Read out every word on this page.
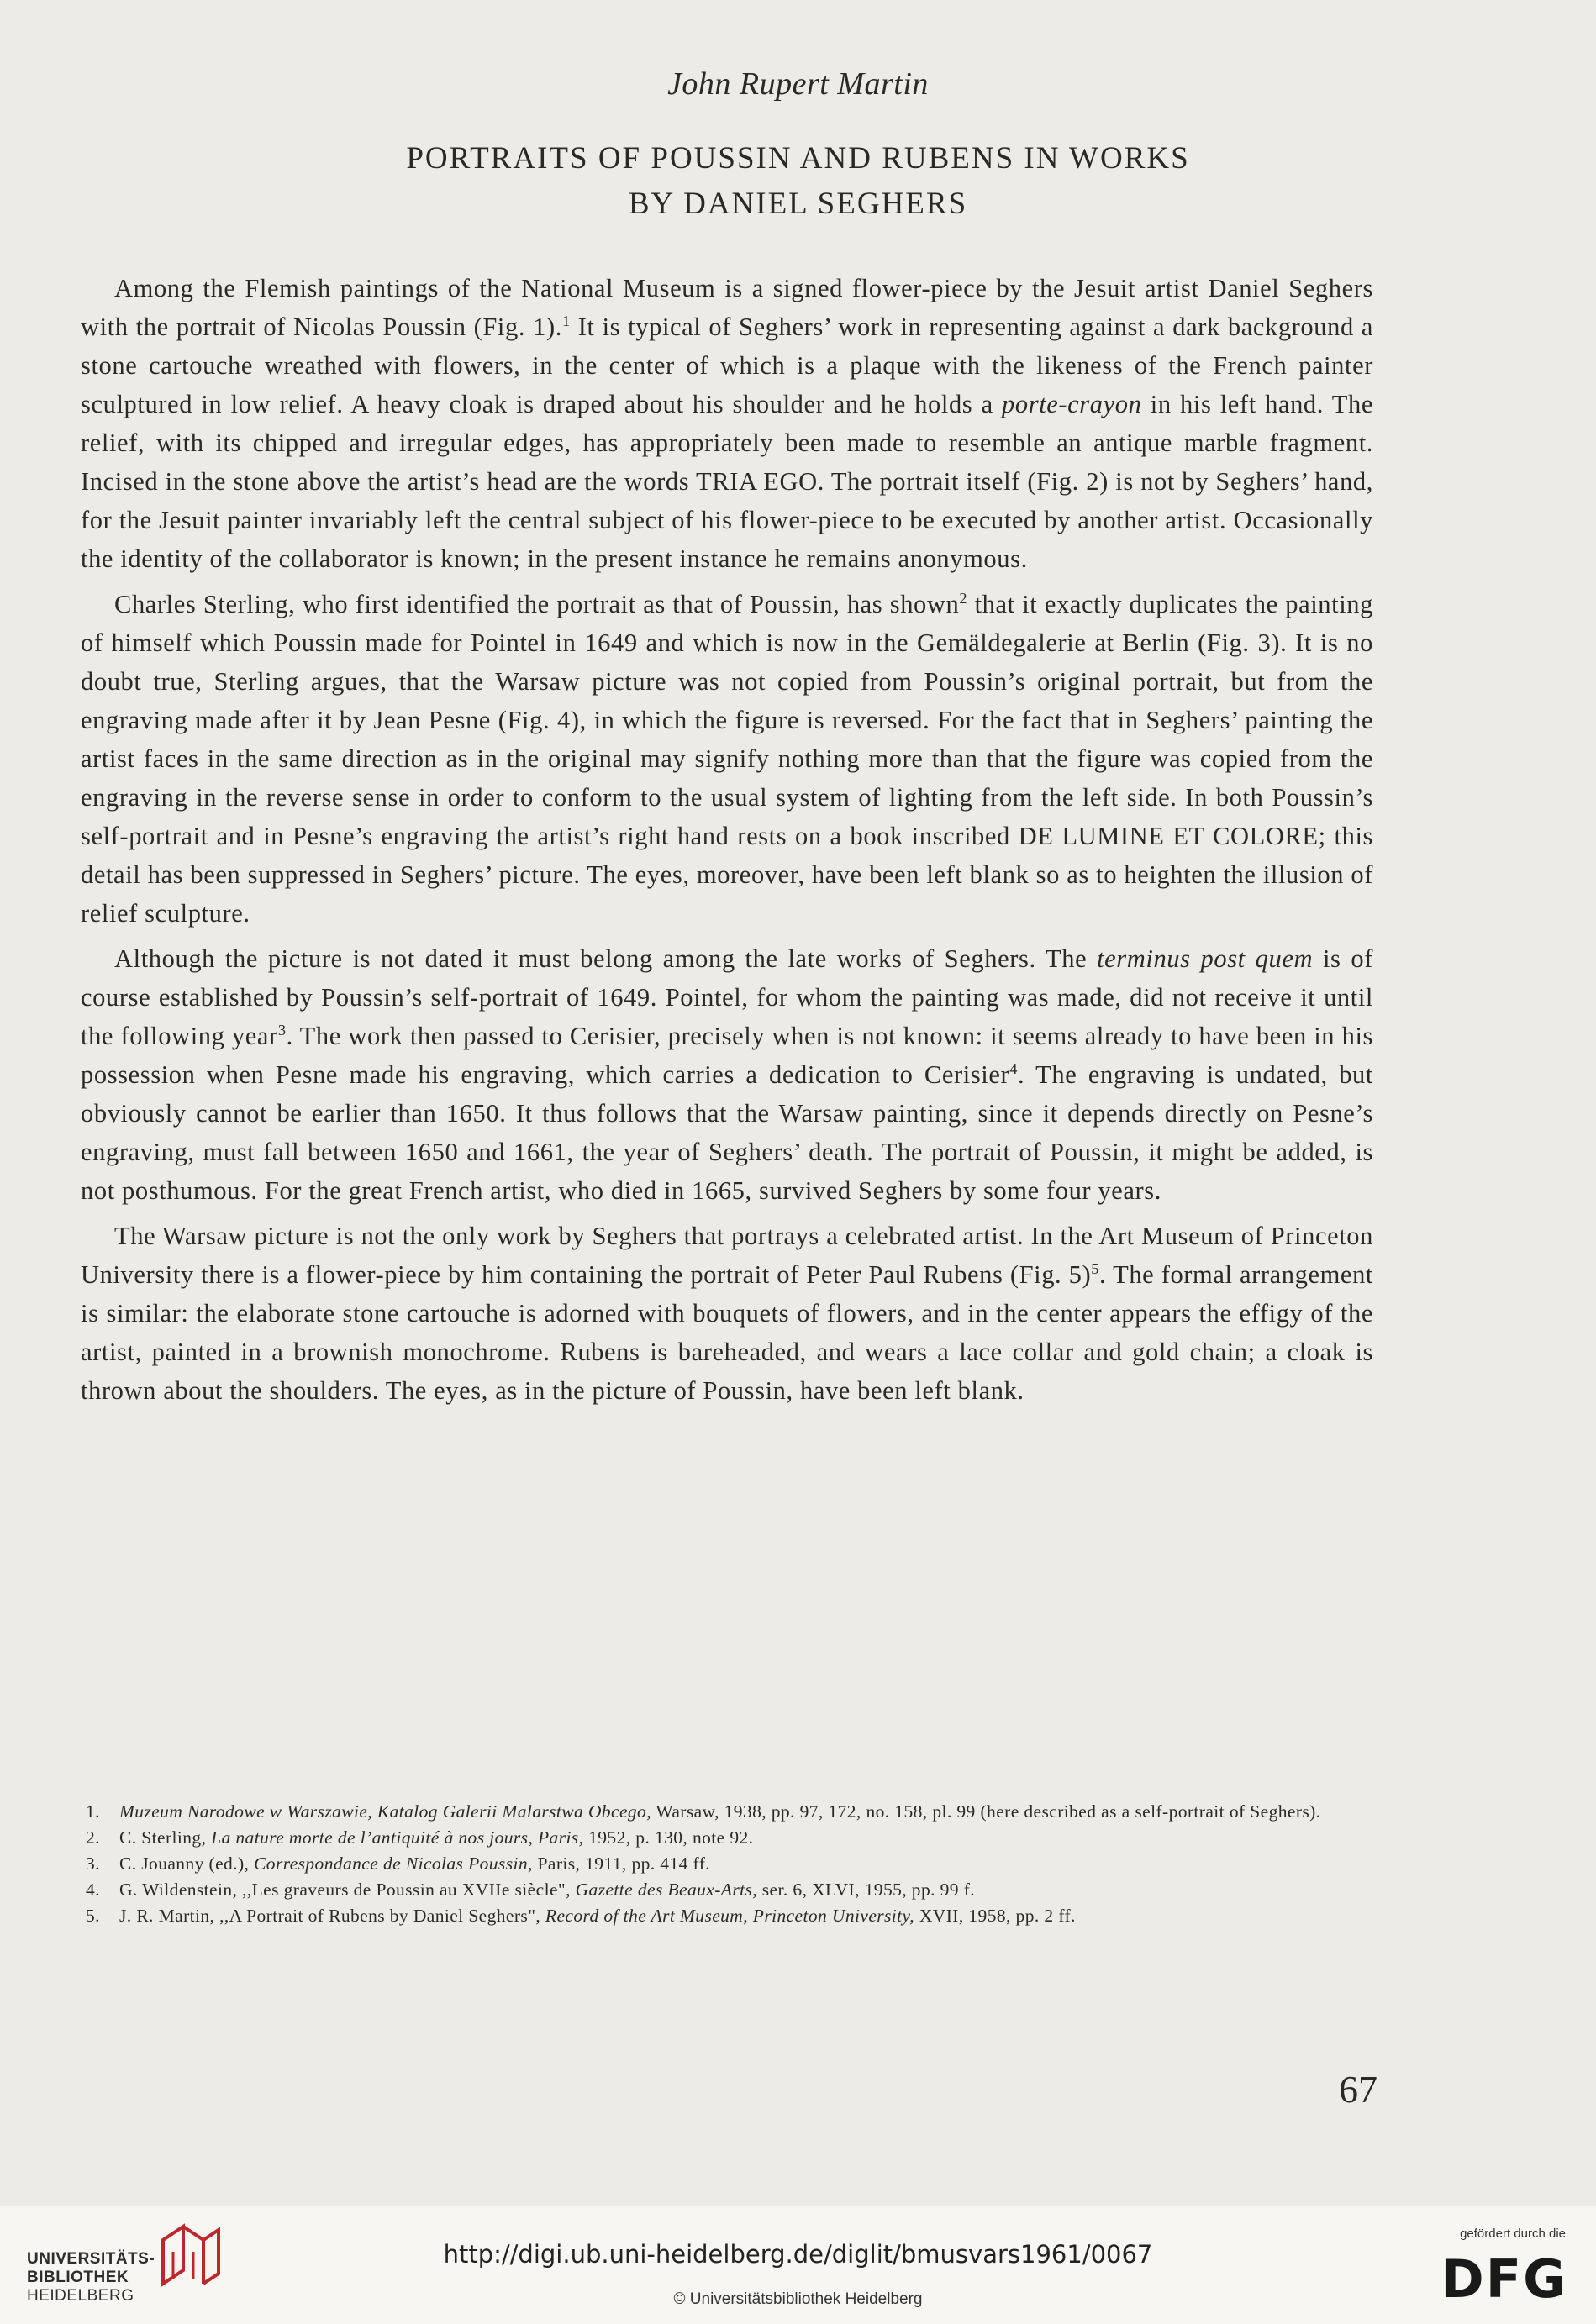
John Rupert Martin
PORTRAITS OF POUSSIN AND RUBENS IN WORKS
BY DANIEL SEGHERS

Among the Flemish paintings of the National Museum is a signed flower-piece by the Jesuit artist Daniel Seghers with the portrait of Nicolas Poussin (Fig. 1).$^1$ It is typical of Seghers’ work in representing against a dark background a stone cartouche wreathed with flowers, in the center of which is a plaque with the likeness of the French painter sculptured in low relief. A heavy cloak is draped about his shoulder and he holds a porte-crayon in his left hand. The relief, with its chipped and irregular edges, has appropriately been made to resemble an antique marble fragment. Incised in the stone above the artist’s head are the words TRIA EGO. The portrait itself (Fig. 2) is not by Seghers’ hand, for the Jesuit painter invariably left the central subject of his flower-piece to be executed by another artist. Occasionally the identity of the collaborator is known; in the present instance he remains anonymous.

Charles Sterling, who first identified the portrait as that of Poussin, has shown$^2$ that it exactly duplicates the painting of himself which Poussin made for Pointel in 1649 and which is now in the Gemäldegalerie at Berlin (Fig. 3). It is no doubt true, Sterling argues, that the Warsaw picture was not copied from Poussin’s original portrait, but from the engraving made after it by Jean Pesne (Fig. 4), in which the figure is reversed. For the fact that in Seghers’ painting the artist faces in the same direction as in the original may signify nothing more than that the figure was copied from the engraving in the reverse sense in order to conform to the usual system of lighting from the left side. In both Poussin’s self-portrait and in Pesne’s engraving the artist’s right hand rests on a book inscribed DE LUMINE ET COLORE; this detail has been suppressed in Seghers’ picture. The eyes, moreover, have been left blank so as to heighten the illusion of relief sculpture.

Although the picture is not dated it must belong among the late works of Seghers. The terminus post quem is of course established by Poussin’s self-portrait of 1649. Pointel, for whom the painting was made, did not receive it until the following year$^3$. The work then passed to Cerisier, precisely when is not known: it seems already to have been in his possession when Pesne made his engraving, which carries a dedication to Cerisier$^4$. The engraving is undated, but obviously cannot be earlier than 1650. It thus follows that the Warsaw painting, since it depends directly on Pesne’s engraving, must fall between 1650 and 1661, the year of Seghers’ death. The portrait of Poussin, it might be added, is not posthumous. For the great French artist, who died in 1665, survived Seghers by some four years.

The Warsaw picture is not the only work by Seghers that portrays a celebrated artist. In the Art Museum of Princeton University there is a flower-piece by him containing the portrait of Peter Paul Rubens (Fig. 5)$^5$. The formal arrangement is similar: the elaborate stone cartouche is adorned with bouquets of flowers, and in the center appears the effigy of the artist, painted in a brownish monochrome. Rubens is bareheaded, and wears a lace collar and gold chain; a cloak is thrown about the shoulders. The eyes, as in the picture of Poussin, have been left blank.

1.	Muzeum Narodowe w Warszawie, Katalog Galerii Malarstwa Obcego, Warsaw, 1938, pp. 97, 172, no. 158, pl. 99 (here described as a self-portrait of Seghers).
2.	C. Sterling, La nature morte de l’antiquité à nos jours, Paris, 1952, p. 130, note 92.
3.	C. Jouanny (ed.), Correspondance de Nicolas Poussin, Paris, 1911, pp. 414 ff.
4.	G. Wildenstein, ,,Les graveurs de Poussin au XVIIe siècle", Gazette des Beaux-Arts, ser. 6, XLVI, 1955, pp. 99 f.
5.	J. R. Martin, ,,A Portrait of Rubens by Daniel Seghers", Record of the Art Museum, Princeton University, XVII, 1958, pp. 2 ff.
67
UNIVERSITÄTS-
BIBLIOTHEK
HEIDELBERG
http://digi.ub.uni-heidelberg.de/diglit/bmusvars1961/0067
© Universitätsbibliothek Heidelberg
gefördert durch die
DFG
